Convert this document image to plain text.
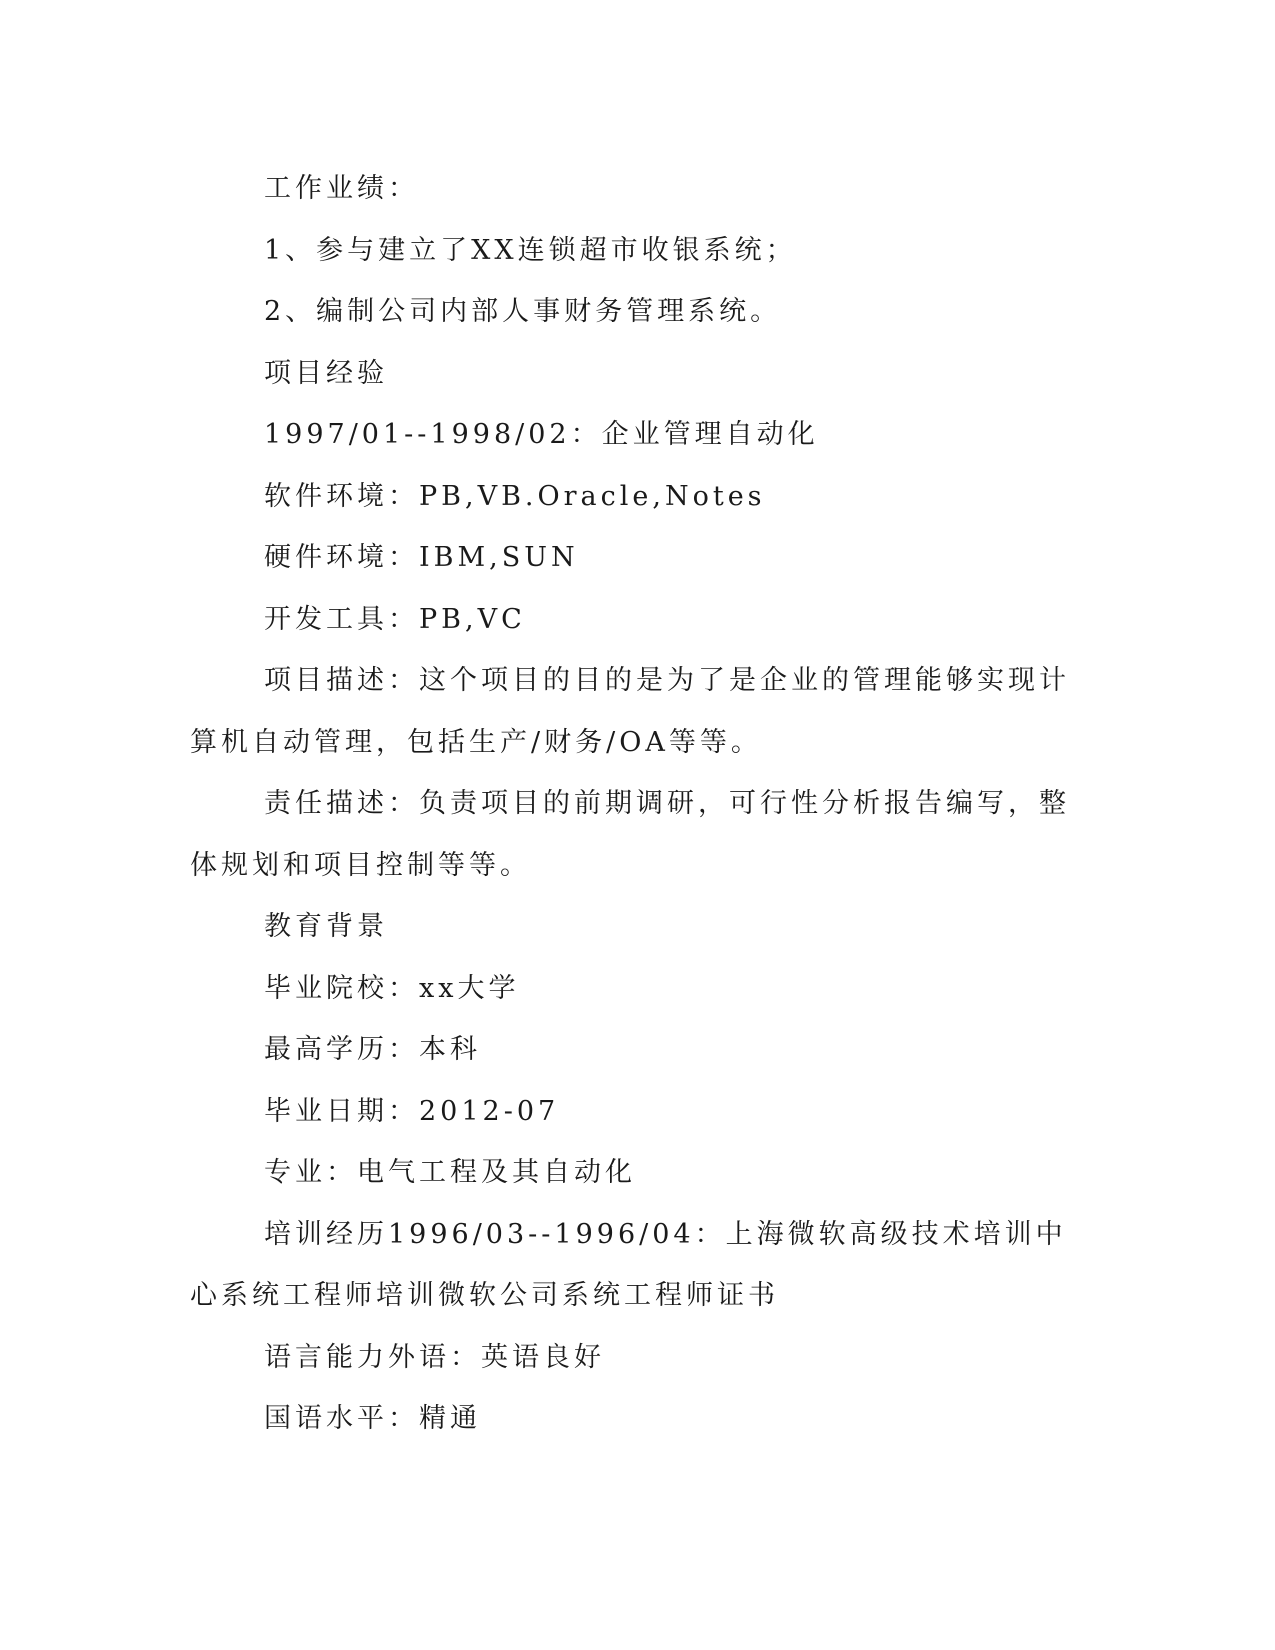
工作业绩：

1、参与建立了XX连锁超市收银系统；

2、编制公司内部人事财务管理系统。

项目经验

1997/01--1998/02：企业管理自动化

软件环境：PB,VB.Oracle,Notes

硬件环境：IBM,SUN

开发工具：PB,VC

项目描述：这个项目的目的是为了是企业的管理能够实现计算机自动管理，包括生产/财务/OA等等。

责任描述：负责项目的前期调研，可行性分析报告编写，整体规划和项目控制等等。

教育背景

毕业院校：xx大学

最高学历：本科

毕业日期：2012-07

专业：电气工程及其自动化

培训经历1996/03--1996/04：上海微软高级技术培训中心系统工程师培训微软公司系统工程师证书

语言能力外语：英语良好

国语水平：精通
